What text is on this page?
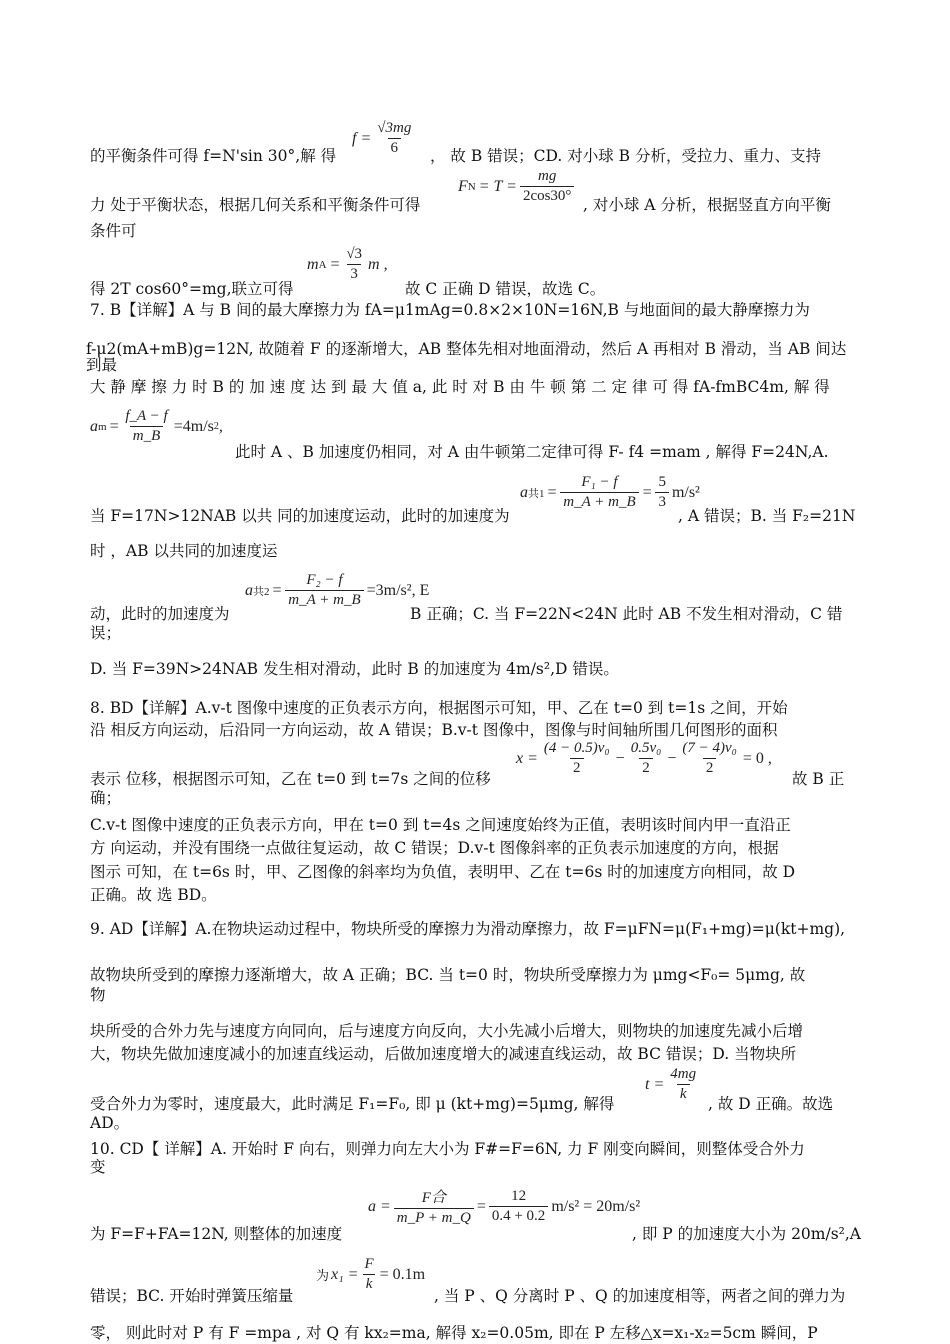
的平衡条件可得 f=N'sin 30°,解 得
$f = \frac{√3mg}{6}$ ， 故 B 错误；CD. 对小球 B 分析，受拉力、重力、支持
力 处于平衡状态，根据几何关系和平衡条件可得
F $N = T = \frac{mg}{2\cos 30^\circ}$ , 对小球 A 分析，根据竖直方向平衡
条件可
得 2T cos60°=mg,联立可得
m $A = \frac{√3}{3}$ m ,
故 C 正确 D 错误，故选 C。
7. B【详解】A 与 B 间的最大摩擦力为 fA=μ1mAg=0.8×2×10N=16N,B 与地面间的最大静摩擦力为
f-μ2(mA+mB)g=12N, 故随着 F 的逐渐增大，AB 整体先相对地面滑动，然后 A 再相对 B 滑动，当 AB 间达
到最
大 静 摩 擦 力 时 B 的 加 速 度 达 到 最 大 值 a, 此 时 对 B 由 牛 顿 第 二 定 律 可 得 fA-fmBC4m, 解 得
a $m = \frac{f\_A - f}{m\_B} =4m/s$ 2 ,
此时 A 、B 加速度仍相同，对 A 由牛顿第二定律可得 F- f4 =mam , 解得 F=24N,A.
a 共$1 = \frac{\text{F₁ − f}}{m\_A + m\_B} = \frac{5}{3} m/s^2$
当 F=17N>12NAB 以共 同的加速度运动，此时的加速度为	, A 错误；B. 当 F₂=21N
时 ，AB 以共同的加速度运
a 共$2 = \frac{\text{F₂ − f}}{m\_A + m\_B} =3m/s^2$ , E
动，此时的加速度为	B 正确；C. 当 F=22N<24N 此时 AB 不发生相对滑动，C 错
误；
D. 当 F=39N>24NAB 发生相对滑动，此时 B 的加速度为 4m/s²,D 错误。
8. BD【详解】A.v-t 图像中速度的正负表示方向，根据图示可知，甲、乙在 t=0 到 t=1s 之间，开始
沿 相反方向运动，后沿同一方向运动，故 A 错误；B.v-t 图像中，图像与时间轴所围几何图形的面积
$x = \frac{\text{(4 − 0.5)v₀}}{2} - \frac{\text{0.5v₀}}{2} - \frac{\text{(7 − 4)v₀}}{2} = 0$ ,
表示 位移，根据图示可知，乙在 t=0 到 t=7s 之间的位移	故 B 正
确；
C.v-t 图像中速度的正负表示方向，甲在 t=0 到 t=4s 之间速度始终为正值，表明该时间内甲一直沿正
方 向运动，并没有围绕一点做往复运动，故 C 错误；D.v-t 图像斜率的正负表示加速度的方向，根据
图示 可知，在 t=6s 时，甲、乙图像的斜率均为负值，表明甲、乙在 t=6s 时的加速度方向相同，故 D
正确。故 选 BD。
9. AD【详解】A.在物块运动过程中，物块所受的摩擦力为滑动摩擦力，故 F=μFN=μ(F₁+mg)=μ(kt+mg),
故物块所受到的摩擦力逐渐增大，故 A 正确；BC. 当 t=0 时，物块所受摩擦力为 μmg<F₀= 5μmg, 故
物
块所受的合外力先与速度方向同向，后与速度方向反向，大小先减小后增大，则物块的加速度先减小后增
大，物块先做加速度减小的加速直线运动，后做加速度增大的减速直线运动，故 BC 错误；D. 当物块所
$t = \frac{4mg}{k}$
受合外力为零时，速度最大，此时满足 F₁=F₀, 即 μ (kt+mg)=5μmg, 解得	, 故 D 正确。故选
AD。
10. CD【 详解】A. 开始时 F 向右，则弹力向左大小为 F#=F=6N, 力 F 刚变向瞬间，则整体受合外力
变
$a = \frac{\text{F合}}{m\_P + m\_Q} = \frac{12}{0.4 + 0.2} m/s^2 = 20m/s^2$
为 F=F+FA=12N, 则整体的加速度	, 即 P 的加速度大小为 20m/s²,A
为 $x_1 = \frac{F}{k} = 0.1m$
错误；BC. 开始时弹簧压缩量	, 当 P 、Q 分离时 P 、Q 的加速度相等，两者之间的弹力为
零， 则此时对 P 有 F =mpa , 对 Q 有 kx₂=ma, 解得 x₂=0.05m, 即在 P 左移△x=x₁-x₂=5cm 瞬间，P
